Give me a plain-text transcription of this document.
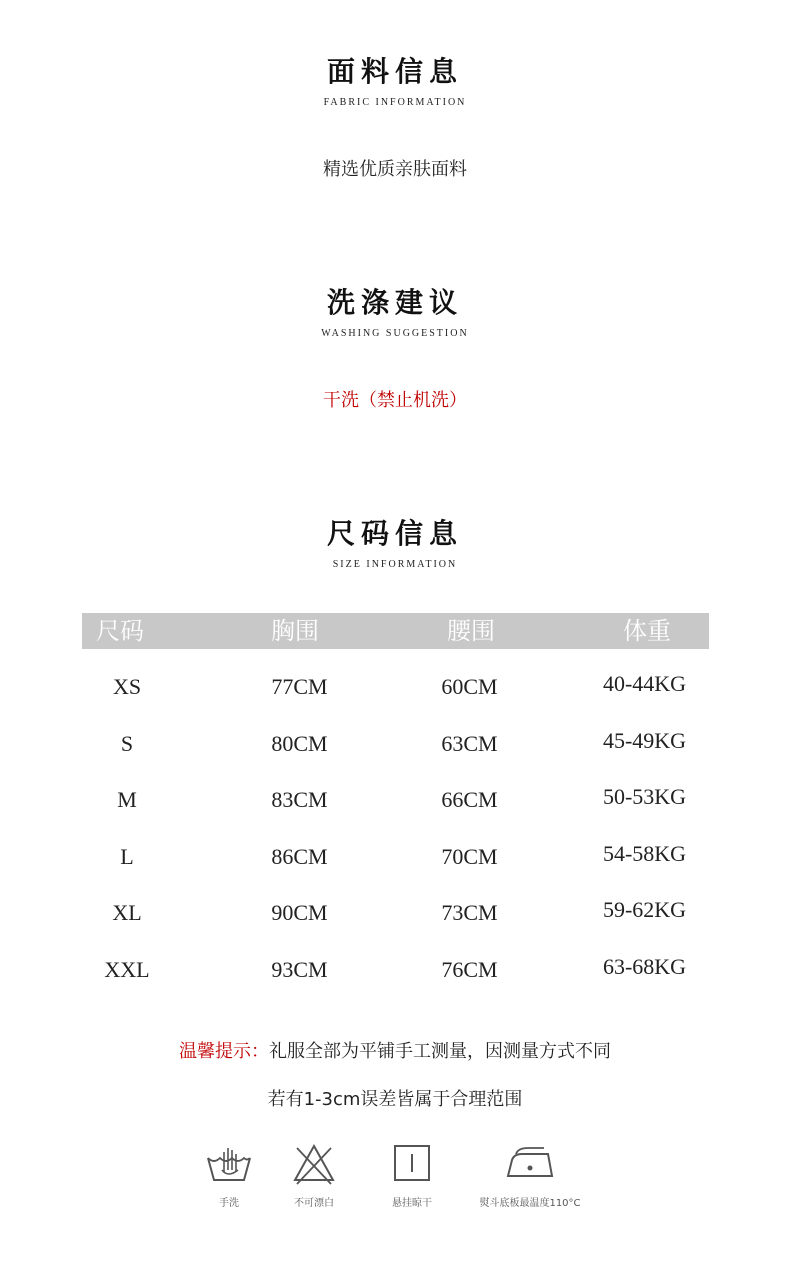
面料信息
FABRIC INFORMATION
精选优质亲肤面料
洗涤建议
WASHING SUGGESTION
干洗（禁止机洗）
尺码信息
SIZE INFORMATION
尺码	胸围	腰围	体重
XS	77CM	60CM	40-44KG
S	80CM	63CM	45-49KG
M	83CM	66CM	50-53KG
L	86CM	70CM	54-58KG
XL	90CM	73CM	59-62KG
XXL	93CM	76CM	63-68KG
温馨提示：礼服全部为平铺手工测量，因测量方式不同
若有1-3cm误差皆属于合理范围
手洗	不可漂白	悬挂晾干	熨斗底板最温度110°C
